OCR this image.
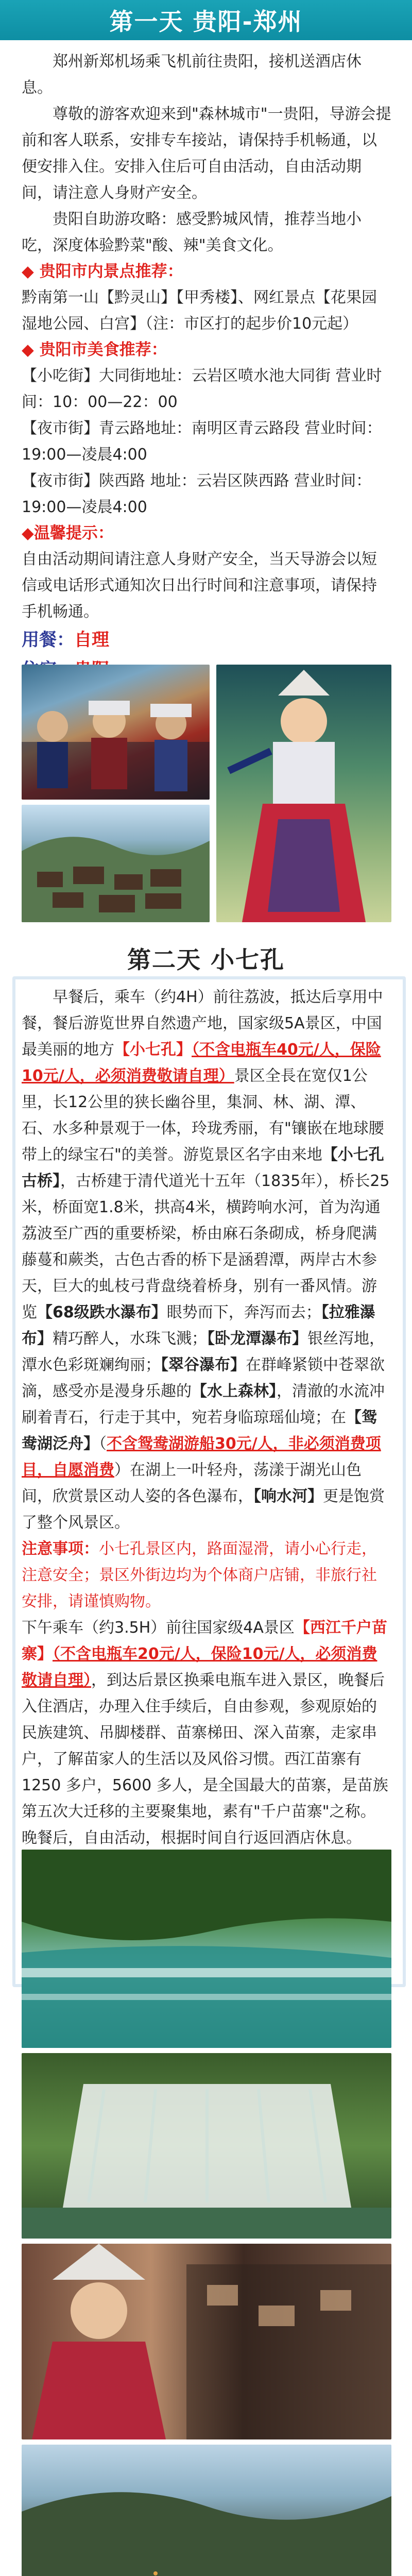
第一天 贵阳-郑州

郑州新郑机场乘飞机前往贵阳，接机送酒店休息。

尊敬的游客欢迎来到"森林城市"一贵阳，导游会提前和客人联系，安排专车接站，请保持手机畅通，以便安排入住。安排入住后可自由活动，自由活动期间，请注意人身财产安全。

贵阳自助游攻略：感受黔城风情，推荐当地小吃，深度体验黔菜"酸、辣"美食文化。

◆ 贵阳市内景点推荐：

黔南第一山【黔灵山】【甲秀楼】、网红景点【花果园湿地公园、白宫】（注：市区打的起步价10元起）

◆ 贵阳市美食推荐：

【小吃街】大同街地址：云岩区喷水池大同街 营业时间：10：00—22：00

【夜市街】青云路地址：南明区青云路段 营业时间：19:00—凌晨4:00

【夜市街】陕西路 地址：云岩区陕西路 营业时间：19:00—凌晨4:00

◆温馨提示：

自由活动期间请注意人身财产安全，当天导游会以短信或电话形式通知次日出行时间和注意事项，请保持手机畅通。

用餐：自理

第二天 小七孔

早餐后，乘车（约4H）前往荔波，抵达后享用中餐，餐后游览世界自然遗产地，国家级5A景区，中国最美丽的地方【小七孔】（不含电瓶车40元/人，保险10元/人，必须消费敬请自理）景区全長在宽仅1公里，长12公里的狭长幽谷里，集洞、林、湖、潭、石、水多种景观于一体，玲珑秀丽，有"镶嵌在地球腰带上的绿宝石"的美誉。游览景区名字由来地【小七孔古桥】，古桥建于清代道光十五年（1835年），桥长25米，桥面宽1.8米，拱高4米，横跨响水河，首为沟通荔波至广西的重要桥梁，桥由麻石条砌成，桥身爬满藤蔓和蕨类，古色古香的桥下是涵碧潭，两岸古木参天，巨大的虬枝弓背盘绕着桥身，别有一番风情。游览【68级跌水瀑布】眼势而下，奔泻而去；【拉雅瀑布】精巧醉人，水珠飞溅；【卧龙潭瀑布】银丝泻地，潭水色彩斑斓绚丽；【翠谷瀑布】在群峰紧锁中苍翠欲滴，感受亦是漫身乐趣的【水上森林】，清澈的水流冲刷着青石，行走于其中，宛若身临琼瑶仙境；在【鸳鸯湖泛舟】（不含鸳鸯湖游船30元/人，非必须消费项目，自愿消费）在湖上一叶轻舟，荡漾于湖光山色间，欣赏景区动人姿的各色瀑布，【响水河】更是饱赏了整个风景区。

注意事项：小七孔景区内，路面湿滑，请小心行走，注意安全；景区外街边均为个体商户店铺，非旅行社安排，请谨慎购物。

下午乘车（约3.5H）前往国家级4A景区【西江千户苗寨】（不含电瓶车20元/人，保险10元/人，必须消费敬请自理），到达后景区换乘电瓶车进入景区，晚餐后入住酒店，办理入住手续后，自由参观，参观原始的民族建筑、吊脚楼群、苗寨梯田、深入苗寨，走家串户，了解苗家人的生活以及风俗习惯。西江苗寨有 1250 多户，5600 多人，是全国最大的苗寨，是苗族第五次大迁移的主要聚集地，素有"千户苗寨"之称。晚餐后，自由活动，根据时间自行返回酒店休息。
